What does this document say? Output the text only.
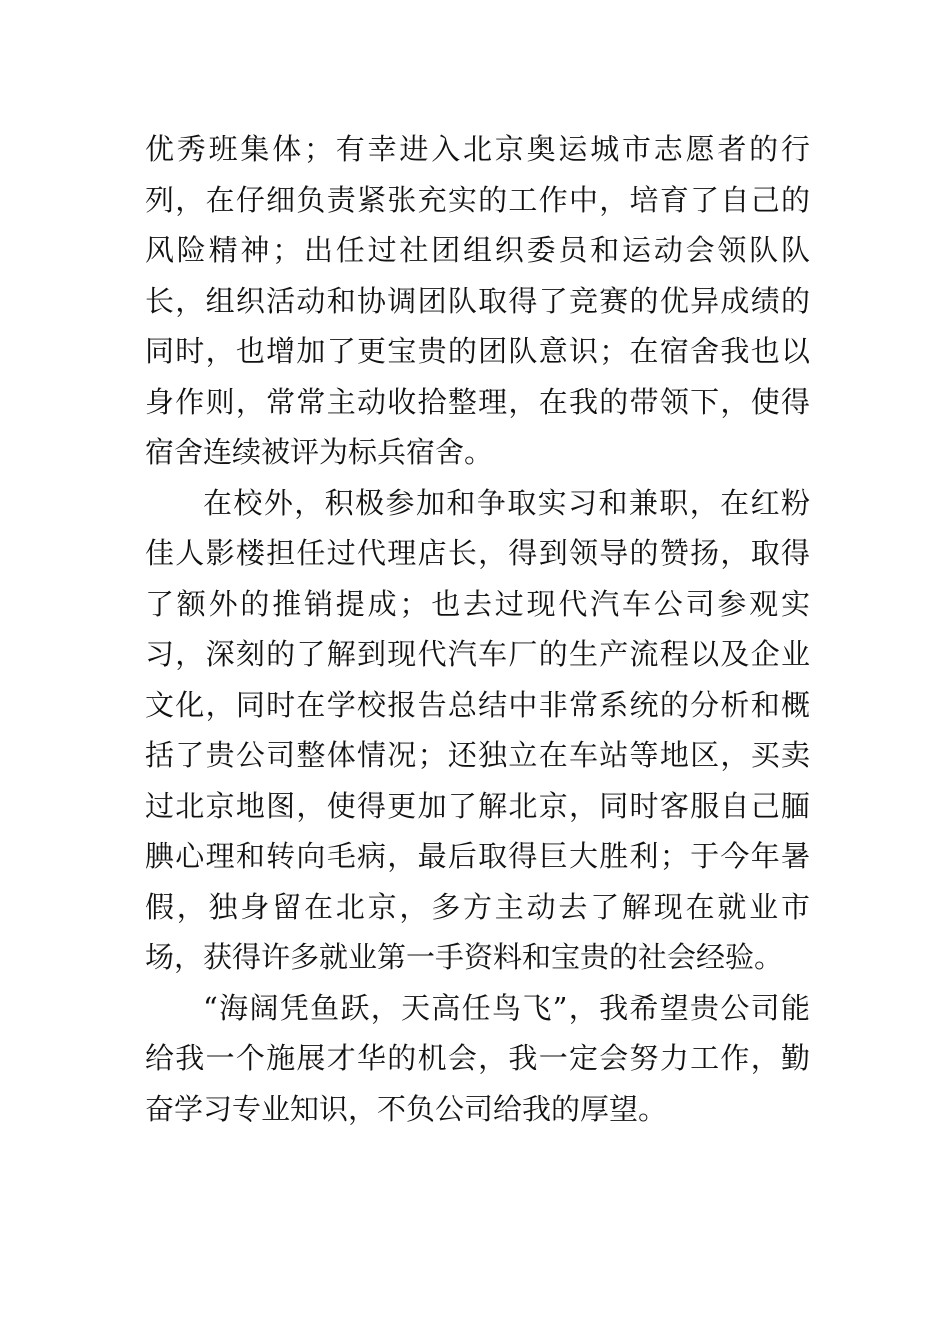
优秀班集体；有幸进入北京奥运城市志愿者的行列，在仔细负责紧张充实的工作中，培育了自己的风险精神；出任过社团组织委员和运动会领队队长，组织活动和协调团队取得了竞赛的优异成绩的同时，也增加了更宝贵的团队意识；在宿舍我也以身作则，常常主动收拾整理，在我的带领下，使得宿舍连续被评为标兵宿舍。

在校外，积极参加和争取实习和兼职，在红粉佳人影楼担任过代理店长，得到领导的赞扬，取得了额外的推销提成；也去过现代汽车公司参观实习，深刻的了解到现代汽车厂的生产流程以及企业文化，同时在学校报告总结中非常系统的分析和概括了贵公司整体情况；还独立在车站等地区，买卖过北京地图，使得更加了解北京，同时客服自己腼腆心理和转向毛病，最后取得巨大胜利；于今年暑假，独身留在北京，多方主动去了解现在就业市场，获得许多就业第一手资料和宝贵的社会经验。

“海阔凭鱼跃，天高任鸟飞”，我希望贵公司能给我一个施展才华的机会，我一定会努力工作，勤奋学习专业知识，不负公司给我的厚望。
